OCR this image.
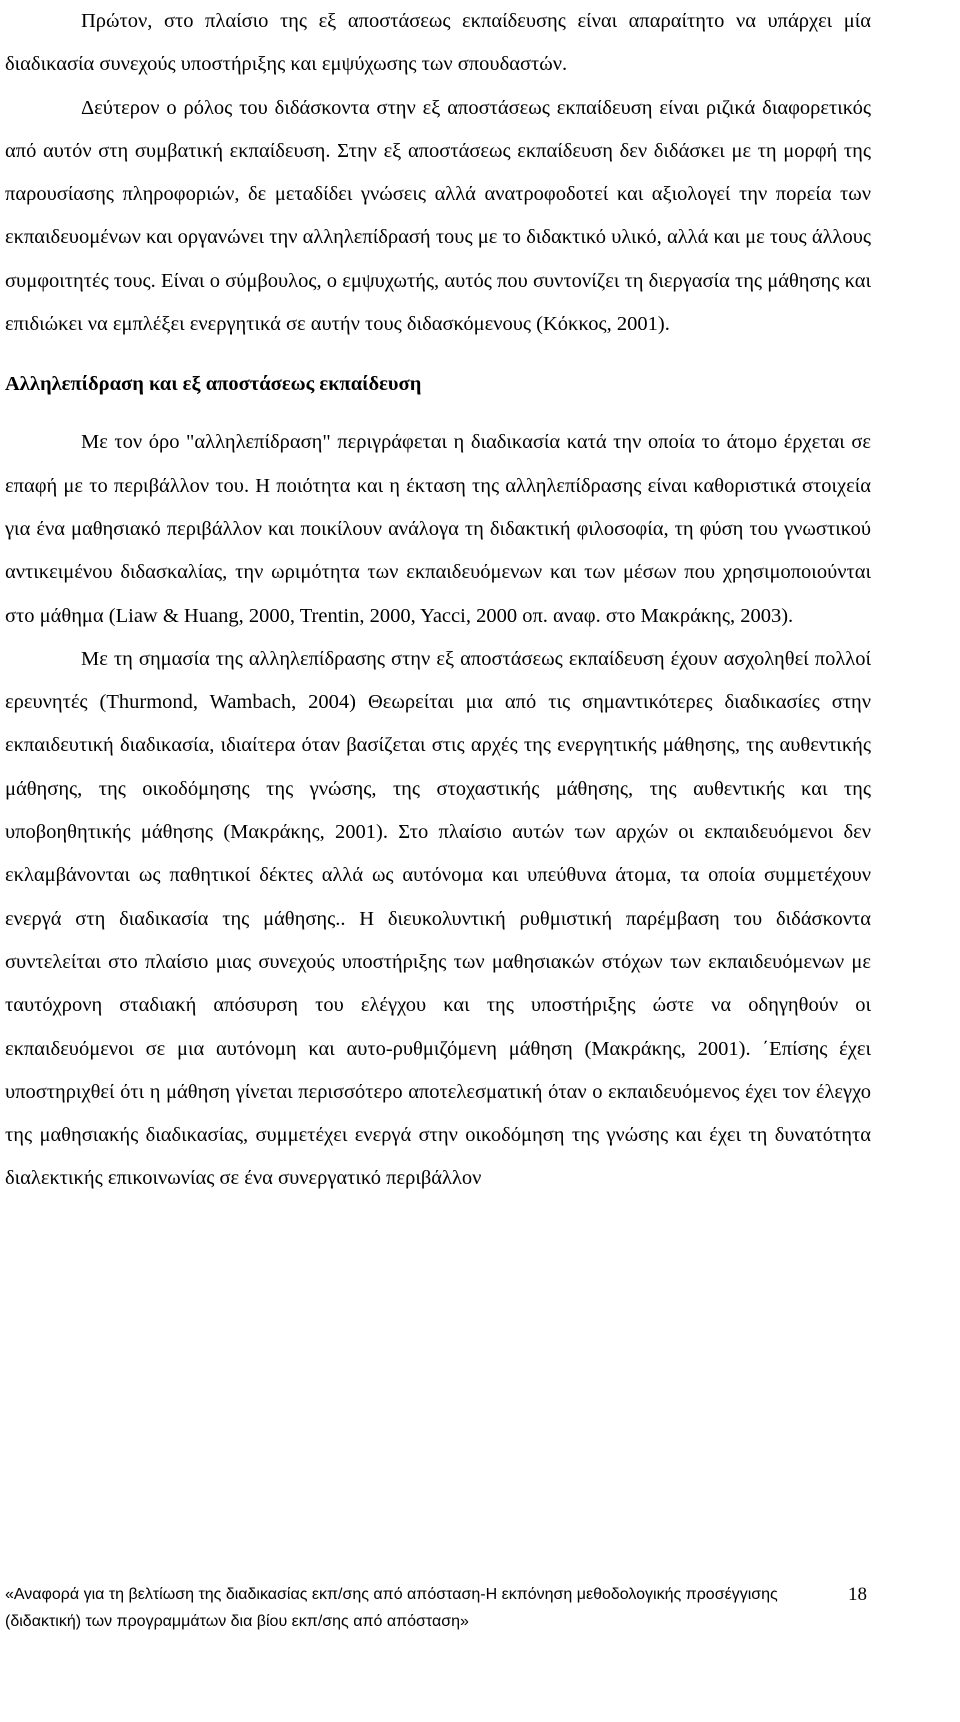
Πρώτον, στο πλαίσιο της εξ αποστάσεως εκπαίδευσης είναι απαραίτητο να υπάρχει μία διαδικασία συνεχούς υποστήριξης και εμψύχωσης των σπουδαστών.

Δεύτερον ο ρόλος του διδάσκοντα στην εξ αποστάσεως εκπαίδευση είναι ριζικά διαφορετικός από αυτόν στη συμβατική εκπαίδευση. Στην εξ αποστάσεως εκπαίδευση δεν διδάσκει με τη μορφή της παρουσίασης πληροφοριών, δε μεταδίδει γνώσεις αλλά ανατροφοδοτεί και αξιολογεί την πορεία των εκπαιδευομένων και οργανώνει την αλληλεπίδρασή τους με το διδακτικό υλικό, αλλά και με τους άλλους συμφοιτητές τους. Είναι ο σύμβουλος, ο εμψυχωτής, αυτός που συντονίζει τη διεργασία της μάθησης και επιδιώκει να εμπλέξει ενεργητικά σε αυτήν τους διδασκόμενους (Κόκκος, 2001).

Αλληλεπίδραση και εξ αποστάσεως εκπαίδευση

Με τον όρο "αλληλεπίδραση" περιγράφεται η διαδικασία κατά την οποία το άτομο έρχεται σε επαφή με το περιβάλλον του. Η ποιότητα και η έκταση της αλληλεπίδρασης είναι καθοριστικά στοιχεία για ένα μαθησιακό περιβάλλον και ποικίλουν ανάλογα τη διδακτική φιλοσοφία, τη φύση του γνωστικού αντικειμένου διδασκαλίας, την ωριμότητα των εκπαιδευόμενων και των μέσων που χρησιμοποιούνται στο μάθημα (Liaw & Huang, 2000, Trentin, 2000, Yacci, 2000 οπ. αναφ. στο Μακράκης, 2003).

Με τη σημασία της αλληλεπίδρασης στην εξ αποστάσεως εκπαίδευση έχουν ασχοληθεί πολλοί ερευνητές (Thurmond, Wambach, 2004) Θεωρείται μια από τις σημαντικότερες διαδικασίες στην εκπαιδευτική διαδικασία, ιδιαίτερα όταν βασίζεται στις αρχές της ενεργητικής μάθησης, της αυθεντικής μάθησης, της οικοδόμησης της γνώσης, της στοχαστικής μάθησης, της αυθεντικής και της υποβοηθητικής μάθησης (Μακράκης, 2001). Στο πλαίσιο αυτών των αρχών οι εκπαιδευόμενοι δεν εκλαμβάνονται ως παθητικοί δέκτες αλλά ως αυτόνομα και υπεύθυνα άτομα, τα οποία συμμετέχουν ενεργά στη διαδικασία της μάθησης.. Η διευκολυντική ρυθμιστική παρέμβαση του διδάσκοντα συντελείται στο πλαίσιο μιας συνεχούς υποστήριξης των μαθησιακών στόχων των εκπαιδευόμενων με ταυτόχρονη σταδιακή απόσυρση του ελέγχου και της υποστήριξης ώστε να οδηγηθούν οι εκπαιδευόμενοι σε μια αυτόνομη και αυτο-ρυθμιζόμενη μάθηση (Μακράκης, 2001). ΄Επίσης έχει υποστηριχθεί ότι η μάθηση γίνεται περισσότερο αποτελεσματική όταν ο εκπαιδευόμενος έχει τον έλεγχο της μαθησιακής διαδικασίας, συμμετέχει ενεργά στην οικοδόμηση της γνώσης και έχει τη δυνατότητα διαλεκτικής επικοινωνίας σε ένα συνεργατικό περιβάλλον

«Αναφορά για τη βελτίωση της διαδικασίας εκπ/σης από απόσταση-Η εκπόνηση μεθοδολογικής προσέγγισης (διδακτική) των προγραμμάτων δια βίου εκπ/σης από απόσταση»
18
